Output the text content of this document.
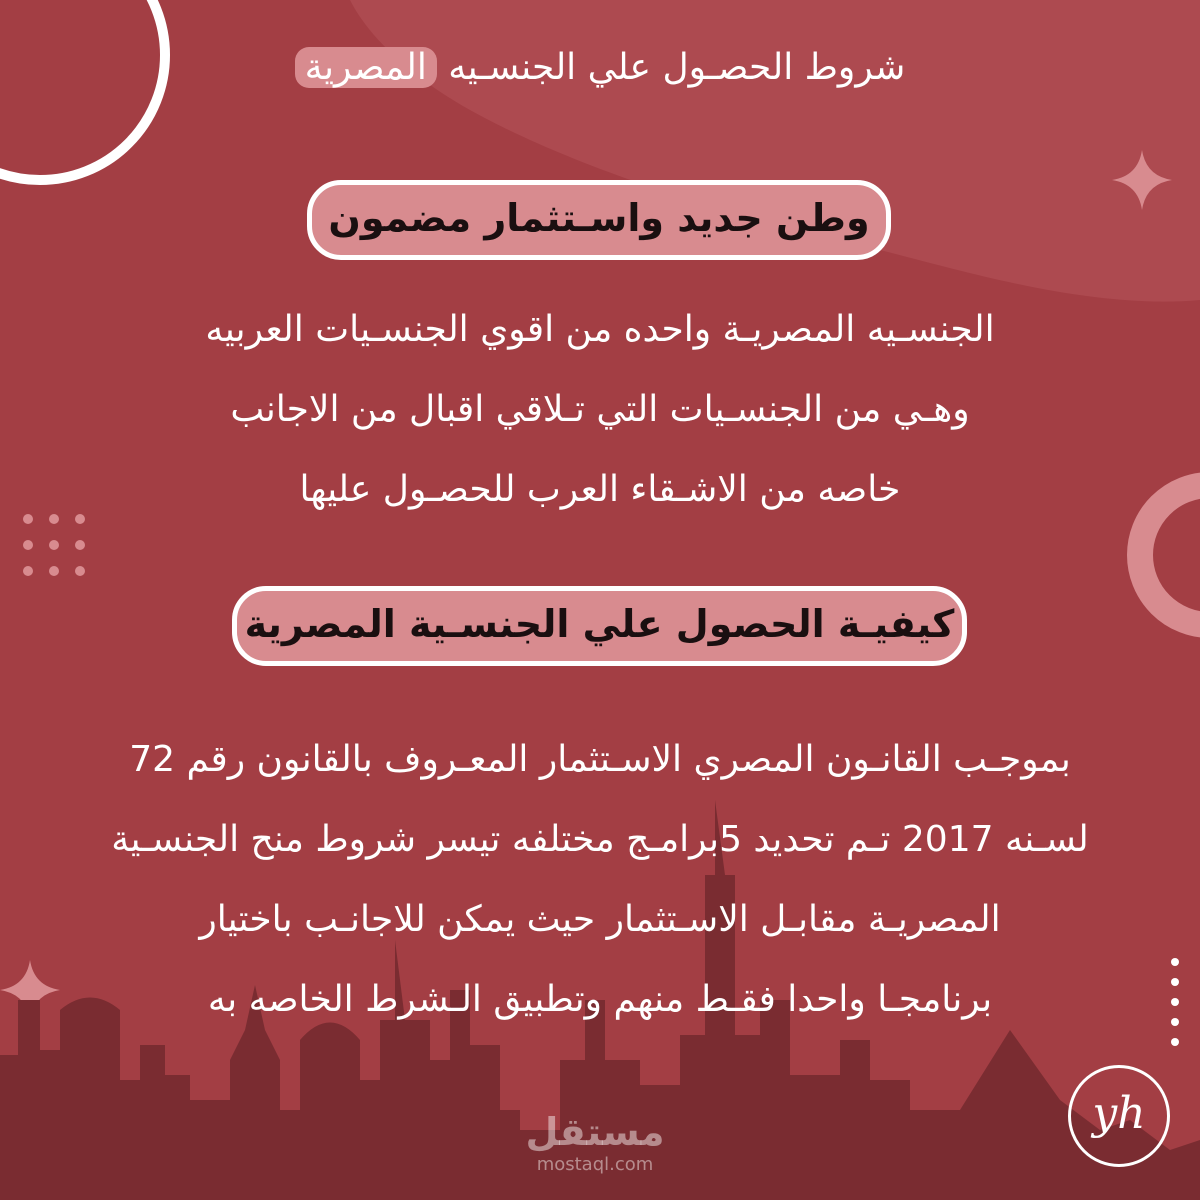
شروط الحصـول علي الجنسـيه المصرية
وطن جديد واسـتثمار مضمون
الجنسـيه المصريـة واحده من اقوي الجنسـيات العربيه
وهـي من الجنسـيات التي تـلاقي اقبال من الاجانب
خاصه من الاشـقاء العرب للحصـول عليها
كيفيـة الحصول علي الجنسـية المصرية
بموجـب القانـون المصري الاسـتثمار المعـروف بالقانون رقم 72
لسـنه 2017 تـم تحديد 5برامـج مختلفه تيسر شروط منح الجنسـية
المصريـة مقابـل الاسـتثمار حيث يمكن للاجانـب باختيار
برنامجـا واحدا فقـط منهم وتطبيق الـشرط الخاصه به
مستقل
mostaql.com
yh
